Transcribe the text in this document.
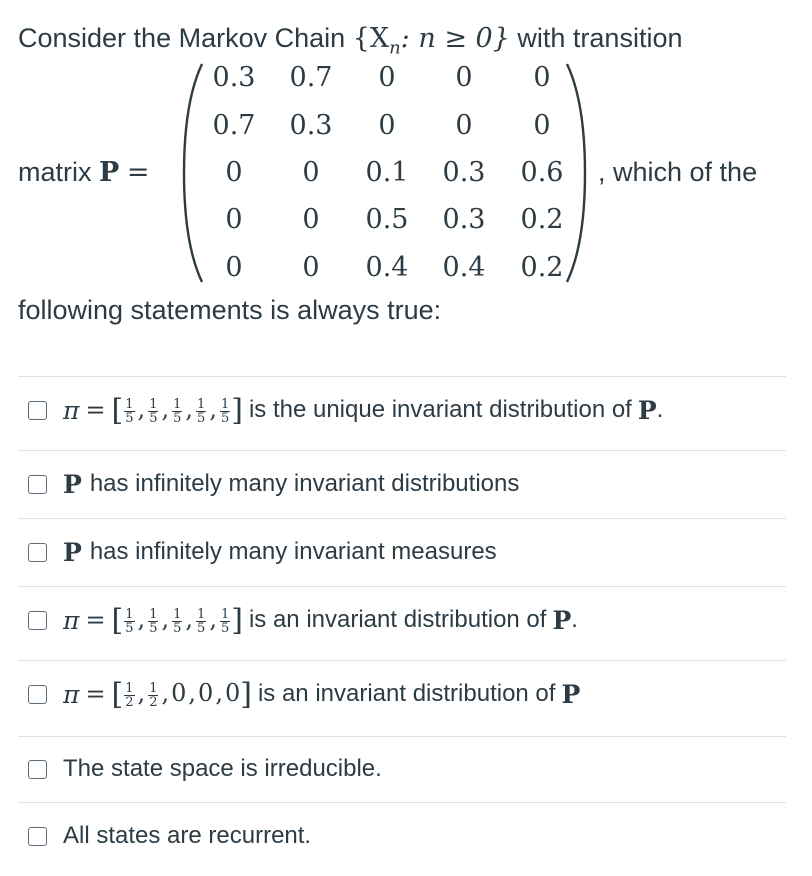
Consider the Markov Chain {$X_n$: n ≥ 0} with transition
matrix P =
0.3	0.7	0	0	0
0.7	0.3	0	0	0
0	0	0.1	0.3	0.6
0	0	0.5	0.3	0.2
0	0	0.4	0.4	0.2
, which of the
following statements is always true:
π = [ $\frac{1}{5}$ , $\frac{1}{5}$ , $\frac{1}{5}$ , $\frac{1}{5}$ , $\frac{1}{5}$ ] is the unique invariant distribution of P .
P has infinitely many invariant distributions
P has infinitely many invariant measures
π = [ $\frac{1}{5}$ , $\frac{1}{5}$ , $\frac{1}{5}$ , $\frac{1}{5}$ , $\frac{1}{5}$ ] is an invariant distribution of P .
π = [ $\frac{1}{2}$ , $\frac{1}{2} ,0,0,0$ ] is an invariant distribution of P
The state space is irreducible.
All states are recurrent.
